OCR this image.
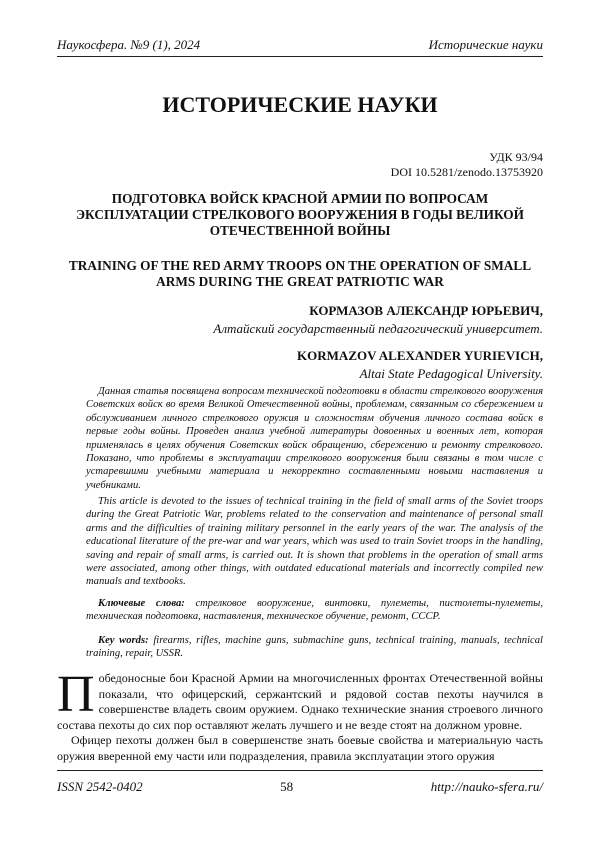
Наукосфера. №9 (1), 2024	Исторические науки
ИСТОРИЧЕСКИЕ НАУКИ
УДК 93/94
DOI 10.5281/zenodo.13753920
ПОДГОТОВКА ВОЙСК КРАСНОЙ АРМИИ ПО ВОПРОСАМ ЭКСПЛУАТАЦИИ СТРЕЛКОВОГО ВООРУЖЕНИЯ В ГОДЫ ВЕЛИКОЙ ОТЕЧЕСТВЕННОЙ ВОЙНЫ
TRAINING OF THE RED ARMY TROOPS ON THE OPERATION OF SMALL ARMS DURING THE GREAT PATRIOTIC WAR
КОРМАЗОВ АЛЕКСАНДР ЮРЬЕВИЧ,
Алтайский государственный педагогический университет.
KORMAZOV ALEXANDER YURIEVICH,
Altai State Pedagogical University.

Данная статья посвящена вопросам технической подготовки в области стрелкового вооружения Советских войск во время Великой Отечественной войны, проблемам, связанным со сбережением и обслуживанием личного стрелкового оружия и сложностям обучения личного состава войск в первые годы войны. Проведен анализ учебной литературы довоенных и военных лет, которая применялась в целях обучения Советских войск обращению, сбережению и ремонту стрелкового. Показано, что проблемы в эксплуатации стрелкового вооружения были связаны в том числе с устаревшими учебными материала и некорректно составленными новыми наставления и учебниками.

This article is devoted to the issues of technical training in the field of small arms of the Soviet troops during the Great Patriotic War, problems related to the conservation and maintenance of personal small arms and the difficulties of training military personnel in the early years of the war. The analysis of the educational literature of the pre-war and war years, which was used to train Soviet troops in the handling, saving and repair of small arms, is carried out. It is shown that problems in the operation of small arms were associated, among other things, with outdated educational materials and incorrectly compiled new manuals and textbooks.

Ключевые слова: стрелковое вооружение, винтовки, пулеметы, пистолеты-пулеметы, техническая подготовка, наставления, техническое обучение, ремонт, СССР.

Key words: firearms, rifles, machine guns, submachine guns, technical training, manuals, technical training, repair, USSR.

Победоносные бои Красной Армии на многочисленных фронтах Отечественной войны показали, что офицерский, сержантский и рядовой состав пехоты научился в совершенстве владеть своим оружием. Однако технические знания строевого личного состава пехоты до сих пор оставляют желать лучшего и не везде стоят на должном уровне.

Офицер пехоты должен был в совершенстве знать боевые свойства и материальную часть оружия вверенной ему части или подразделения, правила эксплуатации этого оружия

ISSN 2542-0402	58	http://nauko-sfera.ru/
